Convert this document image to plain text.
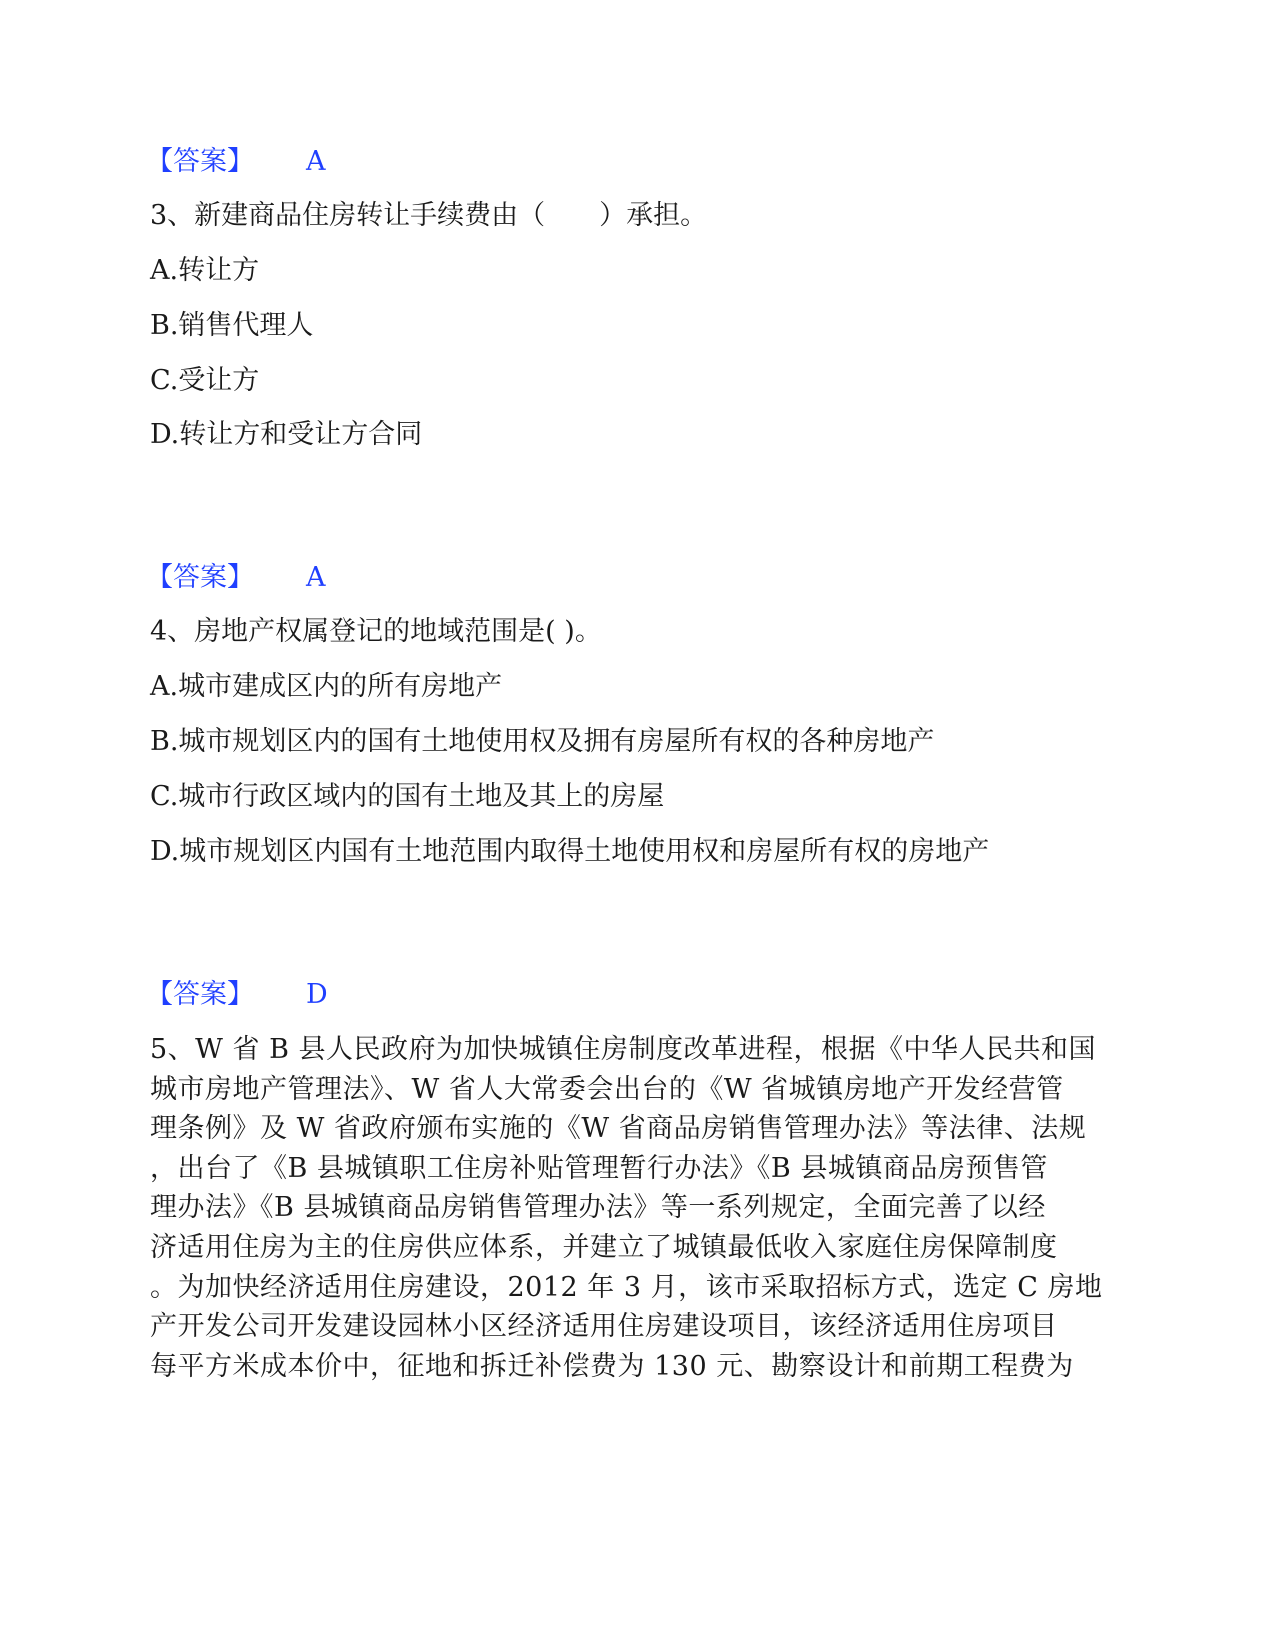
【答案】 A
3、新建商品住房转让手续费由（　　）承担。
A.转让方
B.销售代理人
C.受让方
D.转让方和受让方合同
【答案】 A
4、房地产权属登记的地域范围是( )。
A.城市建成区内的所有房地产
B.城市规划区内的国有土地使用权及拥有房屋所有权的各种房地产
C.城市行政区域内的国有土地及其上的房屋
D.城市规划区内国有土地范围内取得土地使用权和房屋所有权的房地产
【答案】 D
5、W 省 B 县人民政府为加快城镇住房制度改革进程，根据《中华人民共和国
城市房地产管理法》、W 省人大常委会出台的《W 省城镇房地产开发经营管
理条例》及 W 省政府颁布实施的《W 省商品房销售管理办法》等法律、法规
，出台了《B 县城镇职工住房补贴管理暂行办法》《B 县城镇商品房预售管
理办法》《B 县城镇商品房销售管理办法》等一系列规定，全面完善了以经
济适用住房为主的住房供应体系，并建立了城镇最低收入家庭住房保障制度
。为加快经济适用住房建设，2012 年 3 月，该市采取招标方式，选定 C 房地
产开发公司开发建设园林小区经济适用住房建设项目，该经济适用住房项目
每平方米成本价中，征地和拆迁补偿费为 130 元、勘察设计和前期工程费为
